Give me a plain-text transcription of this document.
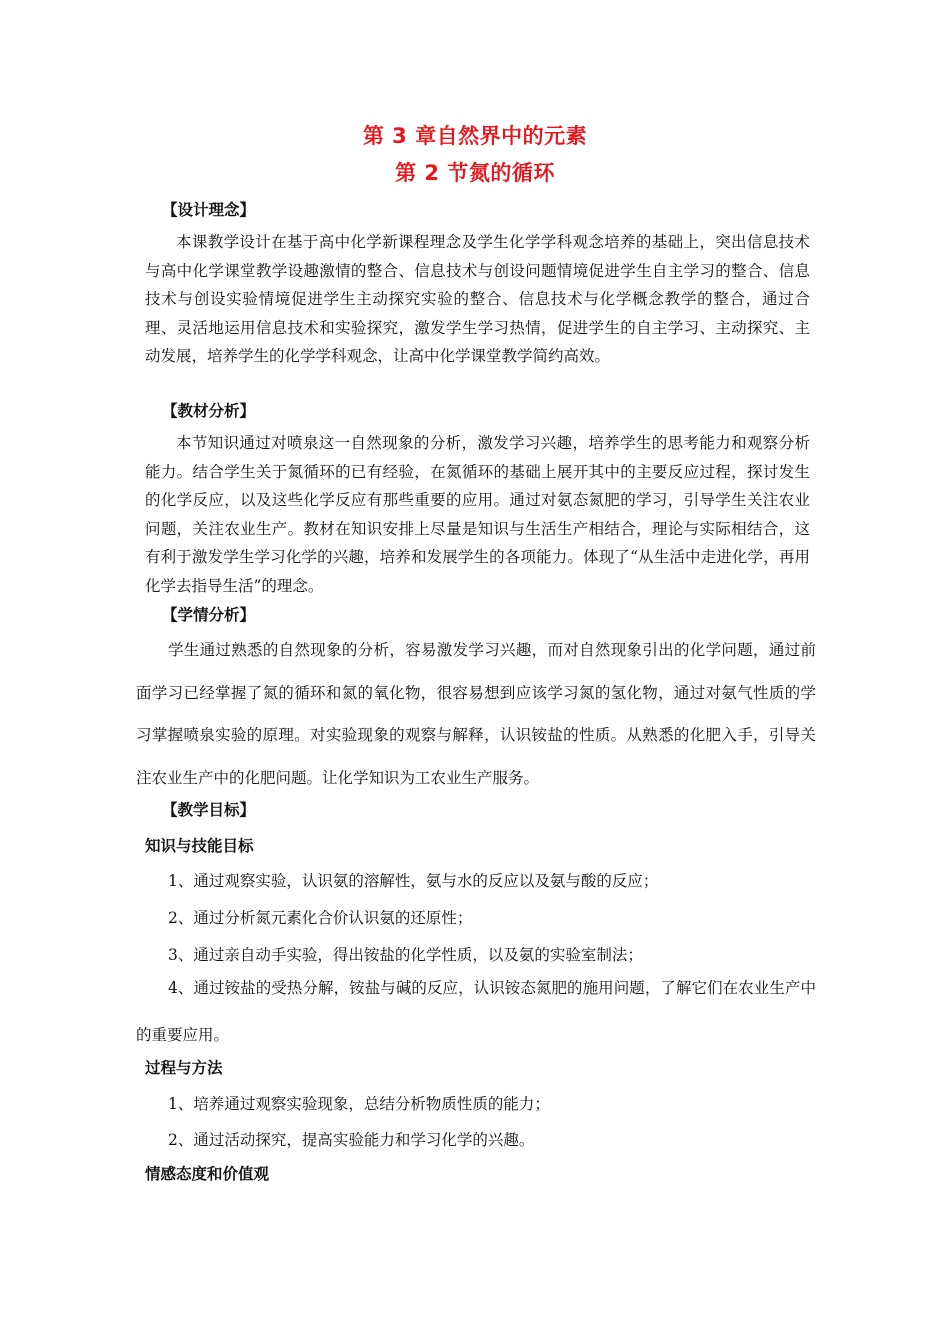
第 3 章自然界中的元素
第 2 节氮的循环
【设计理念】
本课教学设计在基于高中化学新课程理念及学生化学学科观念培养的基础上，突出信息技术与高中化学课堂教学设趣激情的整合、信息技术与创设问题情境促进学生自主学习的整合、信息技术与创设实验情境促进学生主动探究实验的整合、信息技术与化学概念教学的整合，通过合理、灵活地运用信息技术和实验探究，激发学生学习热情，促进学生的自主学习、主动探究、主动发展，培养学生的化学学科观念，让高中化学课堂教学简约高效。
【教材分析】
本节知识通过对喷泉这一自然现象的分析，激发学习兴趣，培养学生的思考能力和观察分析能力。结合学生关于氮循环的已有经验，在氮循环的基础上展开其中的主要反应过程，探讨发生的化学反应，以及这些化学反应有那些重要的应用。通过对氨态氮肥的学习，引导学生关注农业问题，关注农业生产。教材在知识安排上尽量是知识与生活生产相结合，理论与实际相结合，这有利于激发学生学习化学的兴趣，培养和发展学生的各项能力。体现了“从生活中走进化学，再用化学去指导生活”的理念。
【学情分析】
学生通过熟悉的自然现象的分析，容易激发学习兴趣，而对自然现象引出的化学问题，通过前面学习已经掌握了氮的循环和氮的氧化物，很容易想到应该学习氮的氢化物，通过对氨气性质的学习掌握喷泉实验的原理。对实验现象的观察与解释，认识铵盐的性质。从熟悉的化肥入手，引导关注农业生产中的化肥问题。让化学知识为工农业生产服务。
【教学目标】
知识与技能目标
1、通过观察实验，认识氨的溶解性，氨与水的反应以及氨与酸的反应；
2、通过分析氮元素化合价认识氨的还原性；
3、通过亲自动手实验，得出铵盐的化学性质，以及氨的实验室制法；
4、通过铵盐的受热分解，铵盐与碱的反应，认识铵态氮肥的施用问题，了解它们在农业生产中的重要应用。
过程与方法
1、培养通过观察实验现象，总结分析物质性质的能力；
2、通过活动探究，提高实验能力和学习化学的兴趣。
情感态度和价值观
